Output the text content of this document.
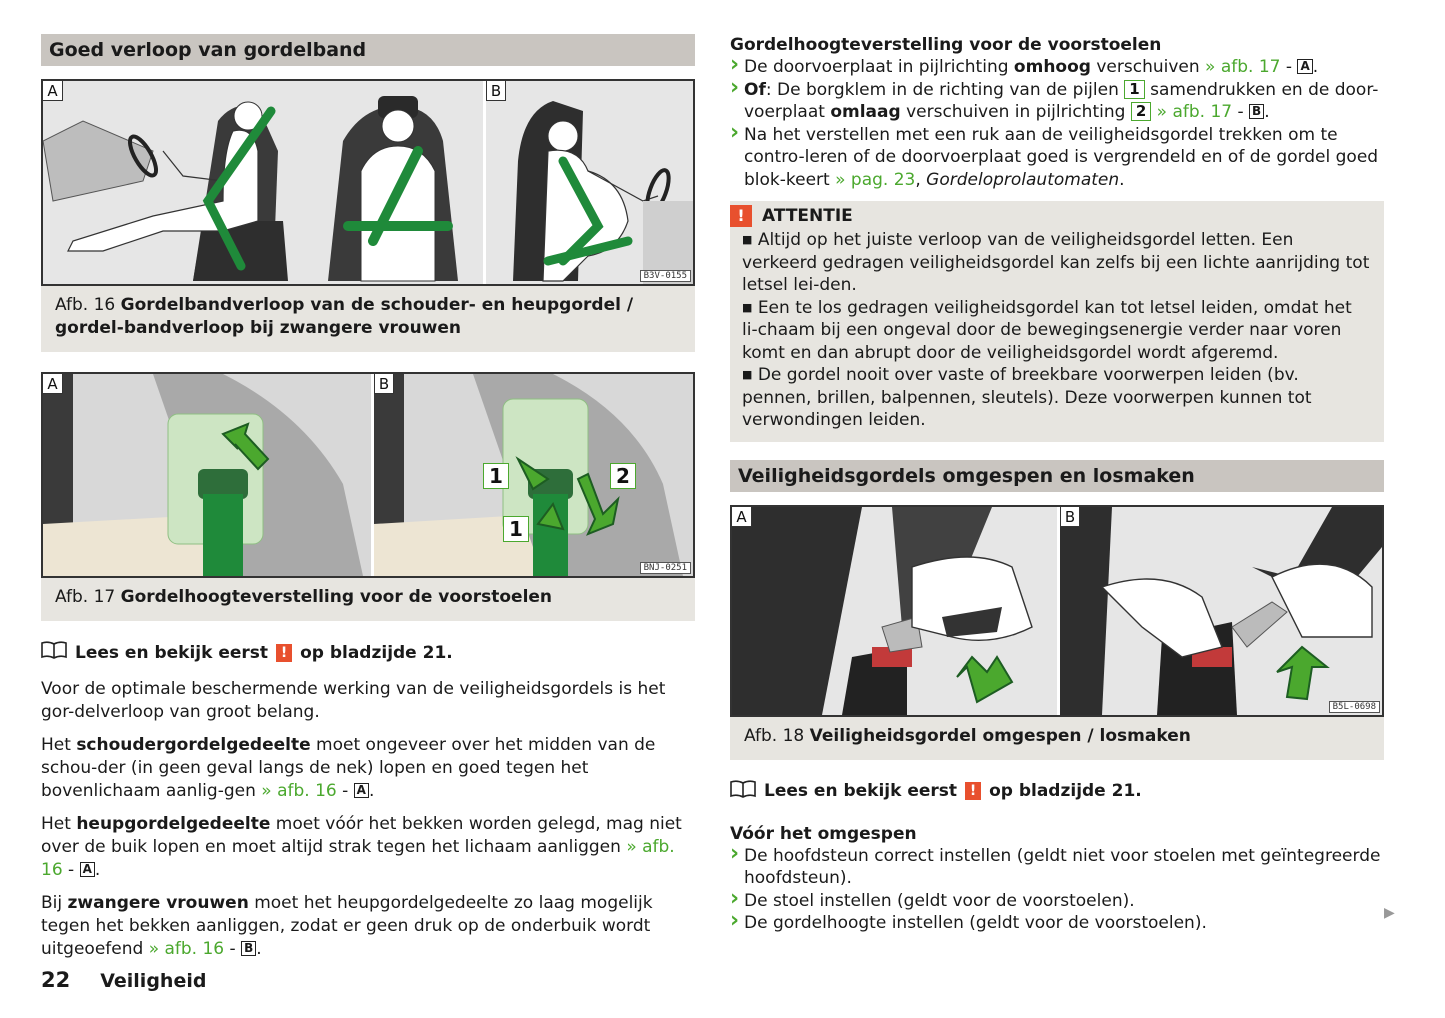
Goed verloop van gordelband
A	B
B3V-0155
Afb. 16 Gordelbandverloop van de schouder- en heupgordel / gordel-bandverloop bij zwangere vrouwen
A	B
1	2
1
BNJ-0251
Afb. 17 Gordelhoogteverstelling voor de voorstoelen
Lees en bekijk eerst ! op bladzijde 21.

Voor de optimale beschermende werking van de veiligheidsgordels is het gor-delverloop van groot belang.

Het schoudergordelgedeelte moet ongeveer over het midden van de schou-der (in geen geval langs de nek) lopen en goed tegen het bovenlichaam aanlig-gen » afb. 16 - A .

Het heupgordelgedeelte moet vóór het bekken worden gelegd, mag niet over de buik lopen en moet altijd strak tegen het lichaam aanliggen » afb. 16 - A .

Bij zwangere vrouwen moet het heupgordelgedeelte zo laag mogelijk tegen het bekken aanliggen, zodat er geen druk op de onderbuik wordt uitgeoefend » afb. 16 - B .

Gordelhoogteverstelling voor de voorstoelen
› De doorvoerplaat in pijlrichting omhoog verschuiven » afb. 17 - A .
› Of: De borgklem in de richting van de pijlen 1 samendrukken en de door-voerplaat omlaag verschuiven in pijlrichting 2 » afb. 17 - B .
› Na het verstellen met een ruk aan de veiligheidsgordel trekken om te contro-leren of de doorvoerplaat goed is vergrendeld en of de gordel goed blok-keert » pag. 23, Gordeloprolautomaten.
!	ATTENTIE

■ Altijd op het juiste verloop van de veiligheidsgordel letten. Een verkeerd gedragen veiligheidsgordel kan zelfs bij een lichte aanrijding tot letsel lei-den.

■ Een te los gedragen veiligheidsgordel kan tot letsel leiden, omdat het li-chaam bij een ongeval door de bewegingsenergie verder naar voren komt en dan abrupt door de veiligheidsgordel wordt afgeremd.

■ De gordel nooit over vaste of breekbare voorwerpen leiden (bv. pennen, brillen, balpennen, sleutels). Deze voorwerpen kunnen tot verwondingen leiden.

Veiligheidsgordels omgespen en losmaken
A	B
B5L-0698
Afb. 18 Veiligheidsgordel omgespen / losmaken
Lees en bekijk eerst ! op bladzijde 21.
Vóór het omgespen
› De hoofdsteun correct instellen (geldt niet voor stoelen met geïntegreerde hoofdsteun).
› De stoel instellen (geldt voor de voorstoelen).
› De gordelhoogte instellen (geldt voor de voorstoelen).
22 Veiligheid
▶
